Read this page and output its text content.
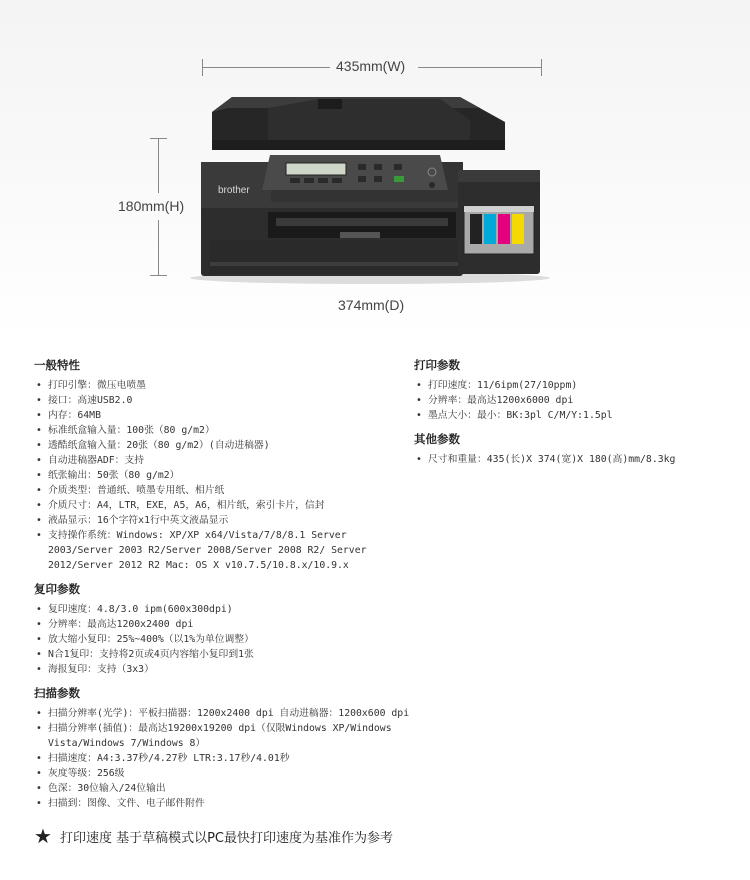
435mm(W)
180mm(H)
374mm(D)
brother
一般特性
• 打印引擎：微压电喷墨
• 接口：高速USB2.0
• 内存：64MB
• 标准纸盒输入量：100张（80 g/m2）
• 透酷纸盒输入量：20张（80 g/m2）(自动进稿器)
• 自动进稿器ADF：支持
• 纸张输出：50张（80 g/m2）
• 介质类型：普通纸、喷墨专用纸、相片纸
• 介质尺寸：A4，LTR，EXE，A5，A6，相片纸，索引卡片，信封
• 液晶显示：16个字符x1行中英文液晶显示
• 支持操作系统：Windows: XP/XP x64/Vista/7/8/8.1 Server 2003/Server 2003 R2/Server 2008/Server 2008 R2/ Server 2012/Server 2012 R2 Mac: OS X v10.7.5/10.8.x/10.9.x
复印参数
• 复印速度：4.8/3.0 ipm(600x300dpi)
• 分辨率：最高达1200x2400 dpi
• 放大缩小复印：25%~400%（以1%为单位调整）
• N合1复印：支持将2页或4页内容缩小复印到1张
• 海报复印：支持（3x3）
扫描参数
• 扫描分辨率(光学)：平板扫描器：1200x2400 dpi 自动进稿器：1200x600 dpi
• 扫描分辨率(插值)：最高达19200x19200 dpi（仅限Windows XP/Windows Vista/Windows 7/Windows 8）
• 扫描速度：A4:3.37秒/4.27秒 LTR:3.17秒/4.01秒
• 灰度等级：256级
• 色深：30位输入/24位输出
• 扫描到：图像、文件、电子邮件附件
打印参数
• 打印速度：11/6ipm(27/10ppm)
• 分辨率：最高达1200x6000 dpi
• 墨点大小：最小：BK:3pl C/M/Y:1.5pl
其他参数
• 尺寸和重量：435(长)X 374(宽)X 180(高)mm/8.3kg
★ 打印速度 基于草稿模式以PC最快打印速度为基准作为参考
